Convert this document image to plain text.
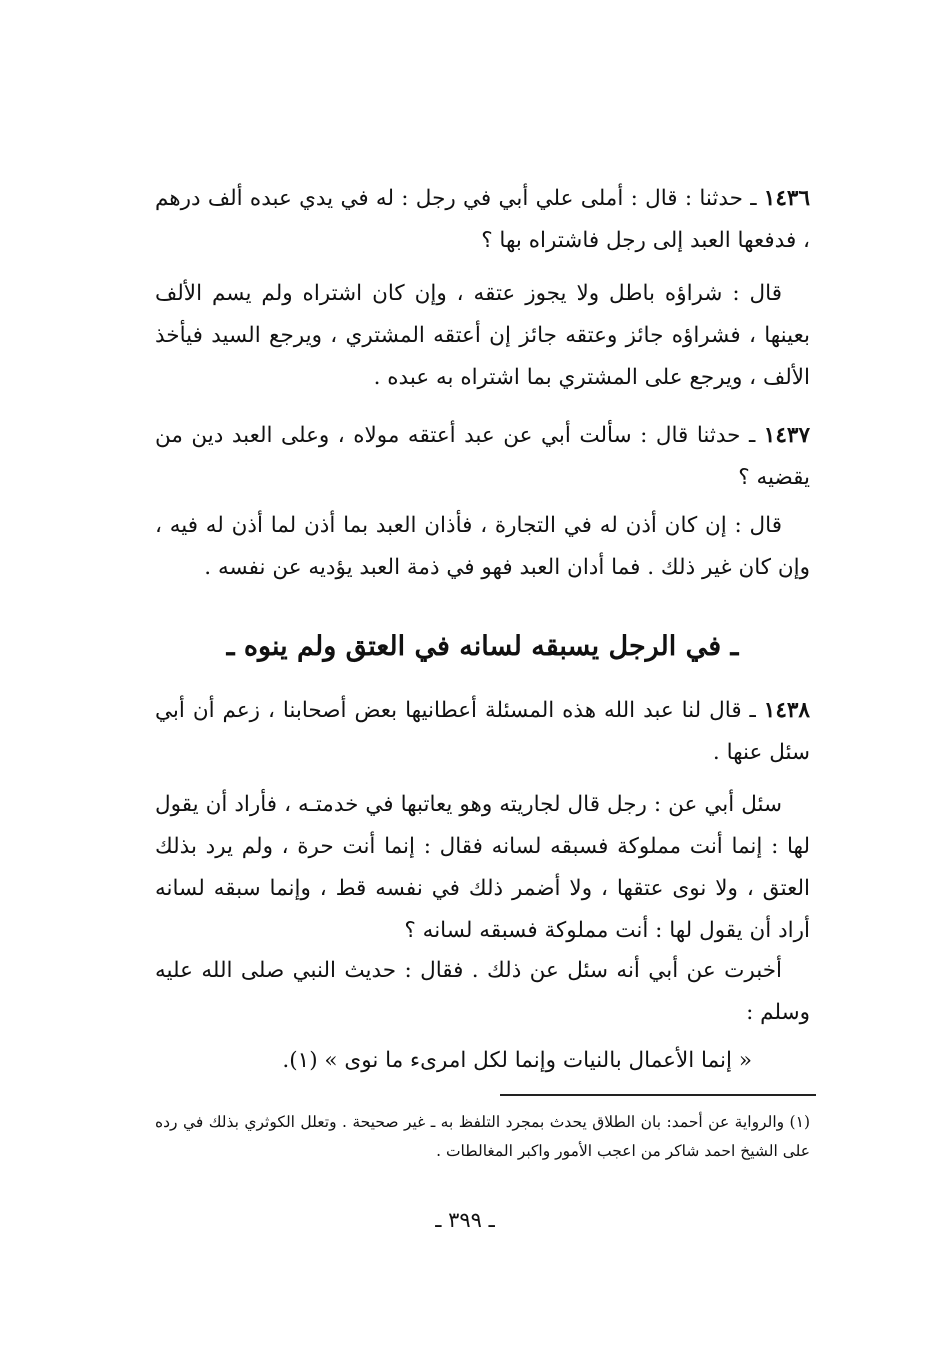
١٤٣٦ ـ حدثنا : قال : أملى علي أبي في رجل : له في يدي عبده ألف درهم ، فدفعها العبد إلى رجل فاشتراه بها ؟
قال : شراؤه باطل ولا يجوز عتقه ، وإن كان اشتراه ولم يسم الألف بعينها ، فشراؤه جائز وعتقه جائز إن أعتقه المشتري ، ويرجع السيد فيأخذ الألف ، ويرجع على المشتري بما اشتراه به عبده .
١٤٣٧ ـ حدثنا قال : سألت أبي عن عبد أعتقه مولاه ، وعلى العبد دين من يقضيه ؟
قال : إن كان أذن له في التجارة ، فأذان العبد بما أذن لما أذن له فيه ، وإن كان غير ذلك . فما أدان العبد فهو في ذمة العبد يؤديه عن نفسه .
ـ في الرجل يسبقه لسانه في العتق ولم ينوه ـ
١٤٣٨ ـ قال لنا عبد الله هذه المسئلة أعطانيها بعض أصحابنا ، زعم أن أبي سئل عنها .
سئل أبي عن : رجل قال لجاريته وهو يعاتبها في خدمتـه ، فأراد أن يقول لها : إنما أنت مملوكة فسبقه لسانه فقال : إنما أنت حرة ، ولم يرد بذلك العتق ، ولا نوى عتقها ، ولا أضمر ذلك في نفسه قط ، وإنما سبقه لسانه أراد أن يقول لها : أنت مملوكة فسبقه لسانه ؟
أخبرت عن أبي أنه سئل عن ذلك . فقال : حديث النبي صلى الله عليه وسلم :
« إنما الأعمال بالنيات وإنما لكل امرىء ما نوى » (١).
(١) والرواية عن أحمد: بان الطلاق يحدث بمجرد التلفظ به ـ غير صحيحة . وتعلل الكوثري بذلك في رده على الشيخ احمد شاكر من اعجب الأمور واكبر المغالطات .
ـ ٣٩٩ ـ
